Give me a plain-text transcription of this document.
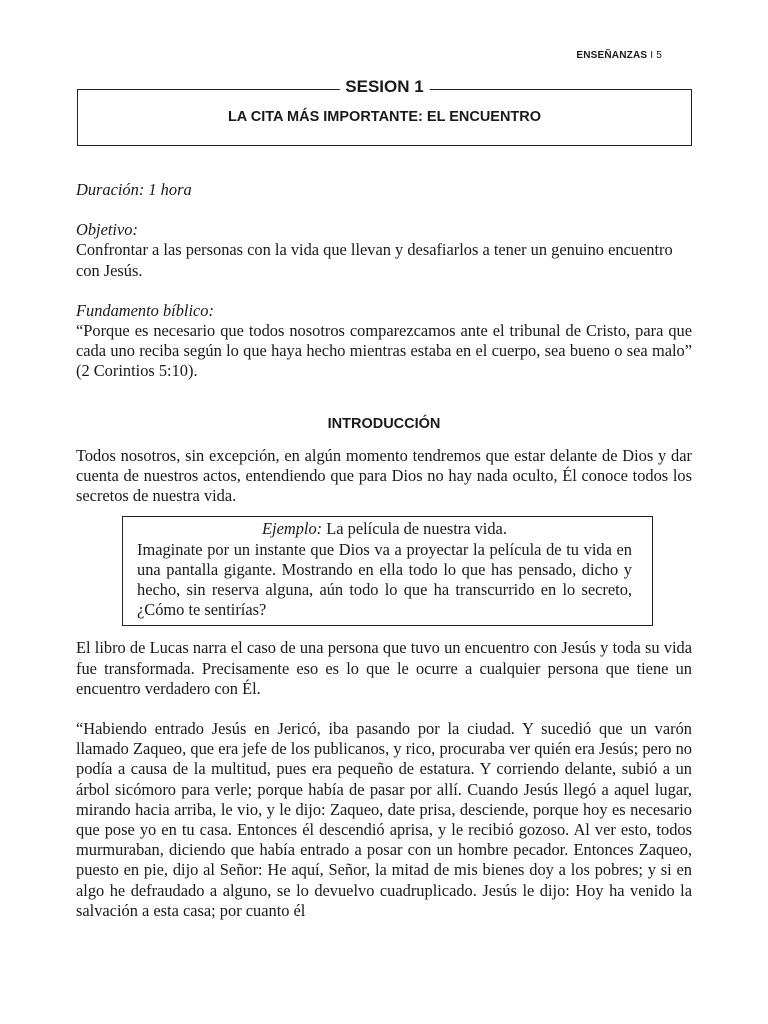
ENSEÑANZAS I 5
SESION 1
LA CITA MÁS IMPORTANTE: EL ENCUENTRO

Duración: 1 hora

Objetivo:

Confrontar a las personas con la vida que llevan y desafiarlos a tener un genuino encuentro con Jesús.

Fundamento bíblico:

“Porque es necesario que todos nosotros comparezcamos ante el tribunal de Cristo, para que cada uno reciba según lo que haya hecho mientras estaba en el cuerpo, sea bueno o sea malo” (2 Corintios 5:10).

INTRODUCCIÓN

Todos nosotros, sin excepción, en algún momento tendremos que estar delante de Dios y dar cuenta de nuestros actos, entendiendo que para Dios no hay nada oculto, Él conoce todos los secretos de nuestra vida.

Ejemplo: La película de nuestra vida.

Imaginate por un instante que Dios va a proyectar la película de tu vida en una pantalla gigante. Mostrando en ella todo lo que has pensado, dicho y hecho, sin reserva alguna, aún todo lo que ha transcurrido en lo secreto, ¿Cómo te sentirías?

El libro de Lucas narra el caso de una persona que tuvo un encuentro con Jesús y toda su vida fue transformada. Precisamente eso es lo que le ocurre a cualquier persona que tiene un encuentro verdadero con Él.

“Habiendo entrado Jesús en Jericó, iba pasando por la ciudad. Y sucedió que un varón llamado Zaqueo, que era jefe de los publicanos, y rico, procuraba ver quién era Jesús; pero no podía a causa de la multitud, pues era pequeño de estatura. Y corriendo delante, subió a un árbol sicómoro para verle; porque había de pasar por allí. Cuando Jesús llegó a aquel lugar, mirando hacia arriba, le vio, y le dijo: Zaqueo, date prisa, desciende, porque hoy es necesario que pose yo en tu casa. Entonces él descendió aprisa, y le recibió gozoso. Al ver esto, todos murmuraban, diciendo que había entrado a posar con un hombre pecador. Entonces Zaqueo, puesto en pie, dijo al Señor: He aquí, Señor, la mitad de mis bienes doy a los pobres; y si en algo he defraudado a alguno, se lo devuelvo cuadruplicado. Jesús le dijo: Hoy ha venido la salvación a esta casa; por cuanto él
